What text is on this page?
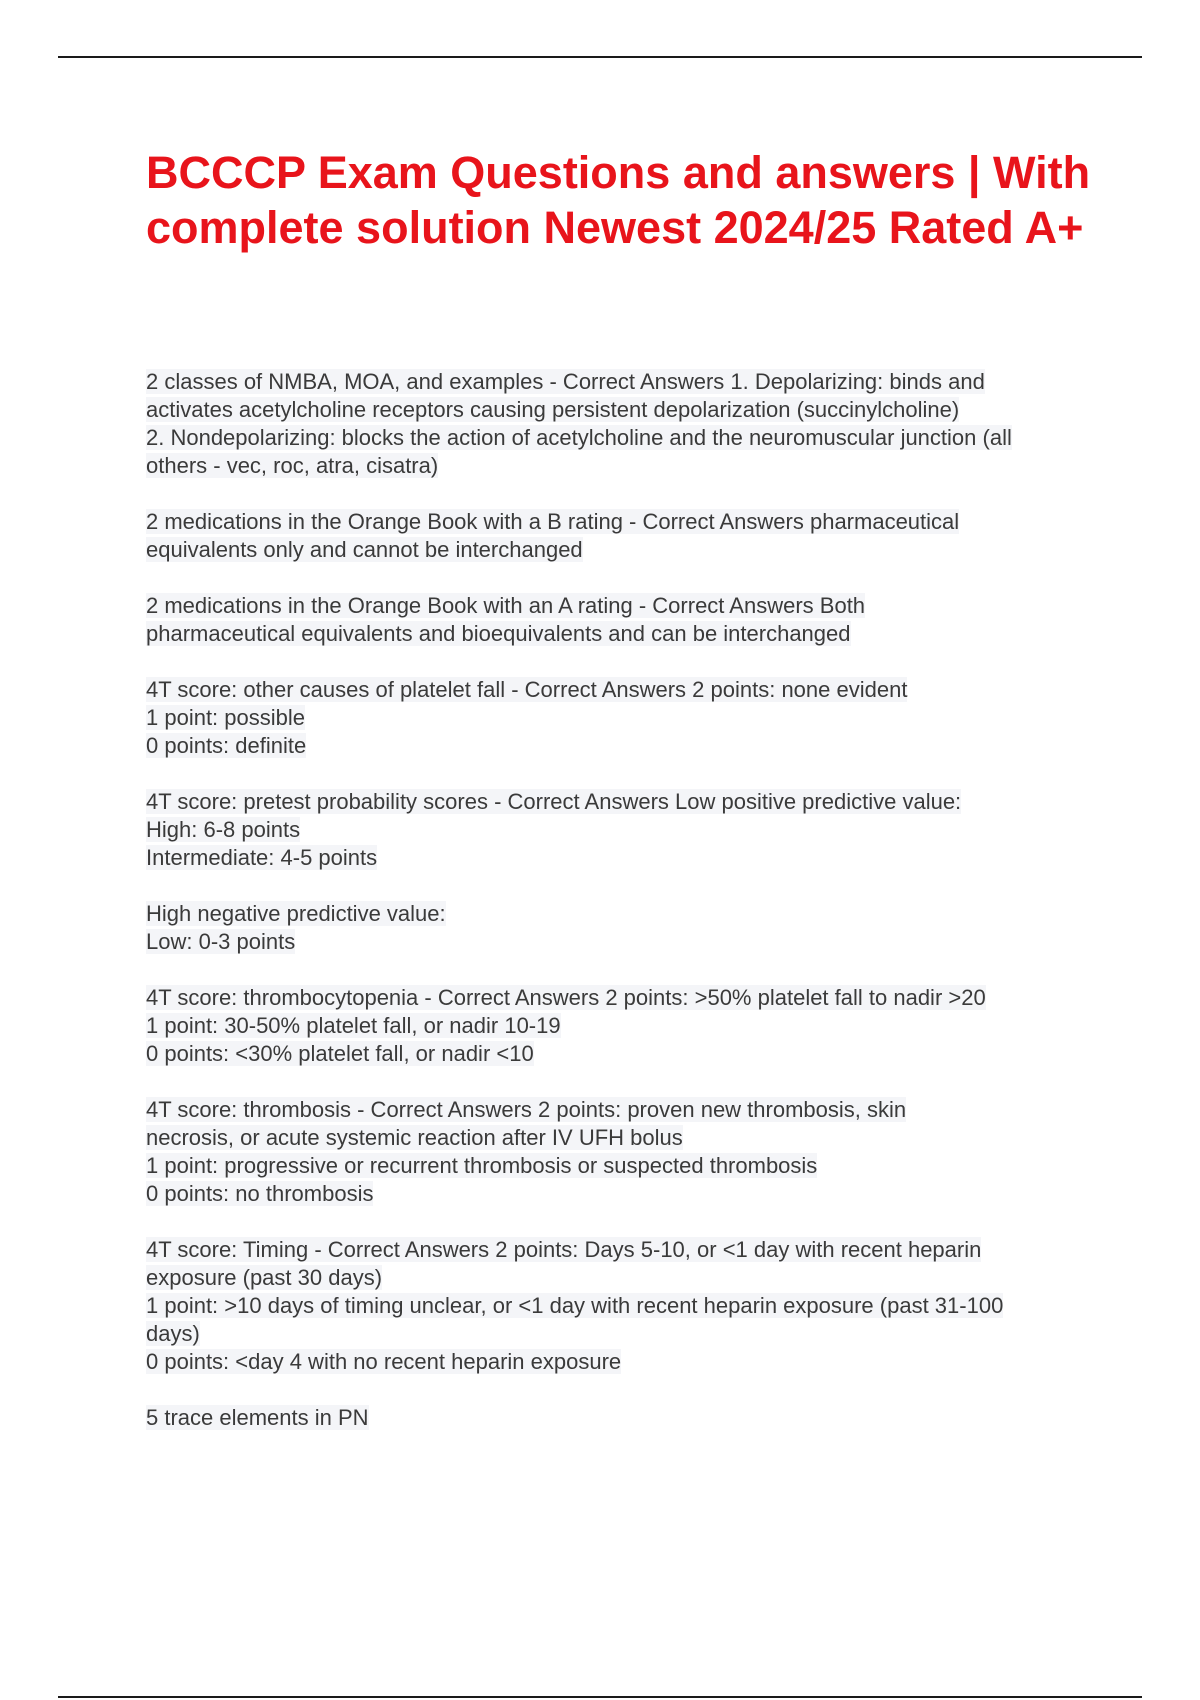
BCCCP Exam Questions and answers | With complete solution Newest 2024/25 Rated A+
2 classes of NMBA, MOA, and examples - Correct Answers 1. Depolarizing: binds and
activates acetylcholine receptors causing persistent depolarization (succinylcholine)
2. Nondepolarizing: blocks the action of acetylcholine and the neuromuscular junction (all
others - vec, roc, atra, cisatra)
2 medications in the Orange Book with a B rating - Correct Answers pharmaceutical
equivalents only and cannot be interchanged
2 medications in the Orange Book with an A rating - Correct Answers Both
pharmaceutical equivalents and bioequivalents and can be interchanged
4T score: other causes of platelet fall - Correct Answers 2 points: none evident
1 point: possible
0 points: definite
4T score: pretest probability scores - Correct Answers Low positive predictive value:
High: 6-8 points
Intermediate: 4-5 points
High negative predictive value:
Low: 0-3 points
4T score: thrombocytopenia - Correct Answers 2 points: >50% platelet fall to nadir >20
1 point: 30-50% platelet fall, or nadir 10-19
0 points: <30% platelet fall, or nadir <10
4T score: thrombosis - Correct Answers 2 points: proven new thrombosis, skin
necrosis, or acute systemic reaction after IV UFH bolus
1 point: progressive or recurrent thrombosis or suspected thrombosis
0 points: no thrombosis
4T score: Timing - Correct Answers 2 points: Days 5-10, or <1 day with recent heparin
exposure (past 30 days)
1 point: >10 days of timing unclear, or <1 day with recent heparin exposure (past 31-100
days)
0 points: <day 4 with no recent heparin exposure
5 trace elements in PN
